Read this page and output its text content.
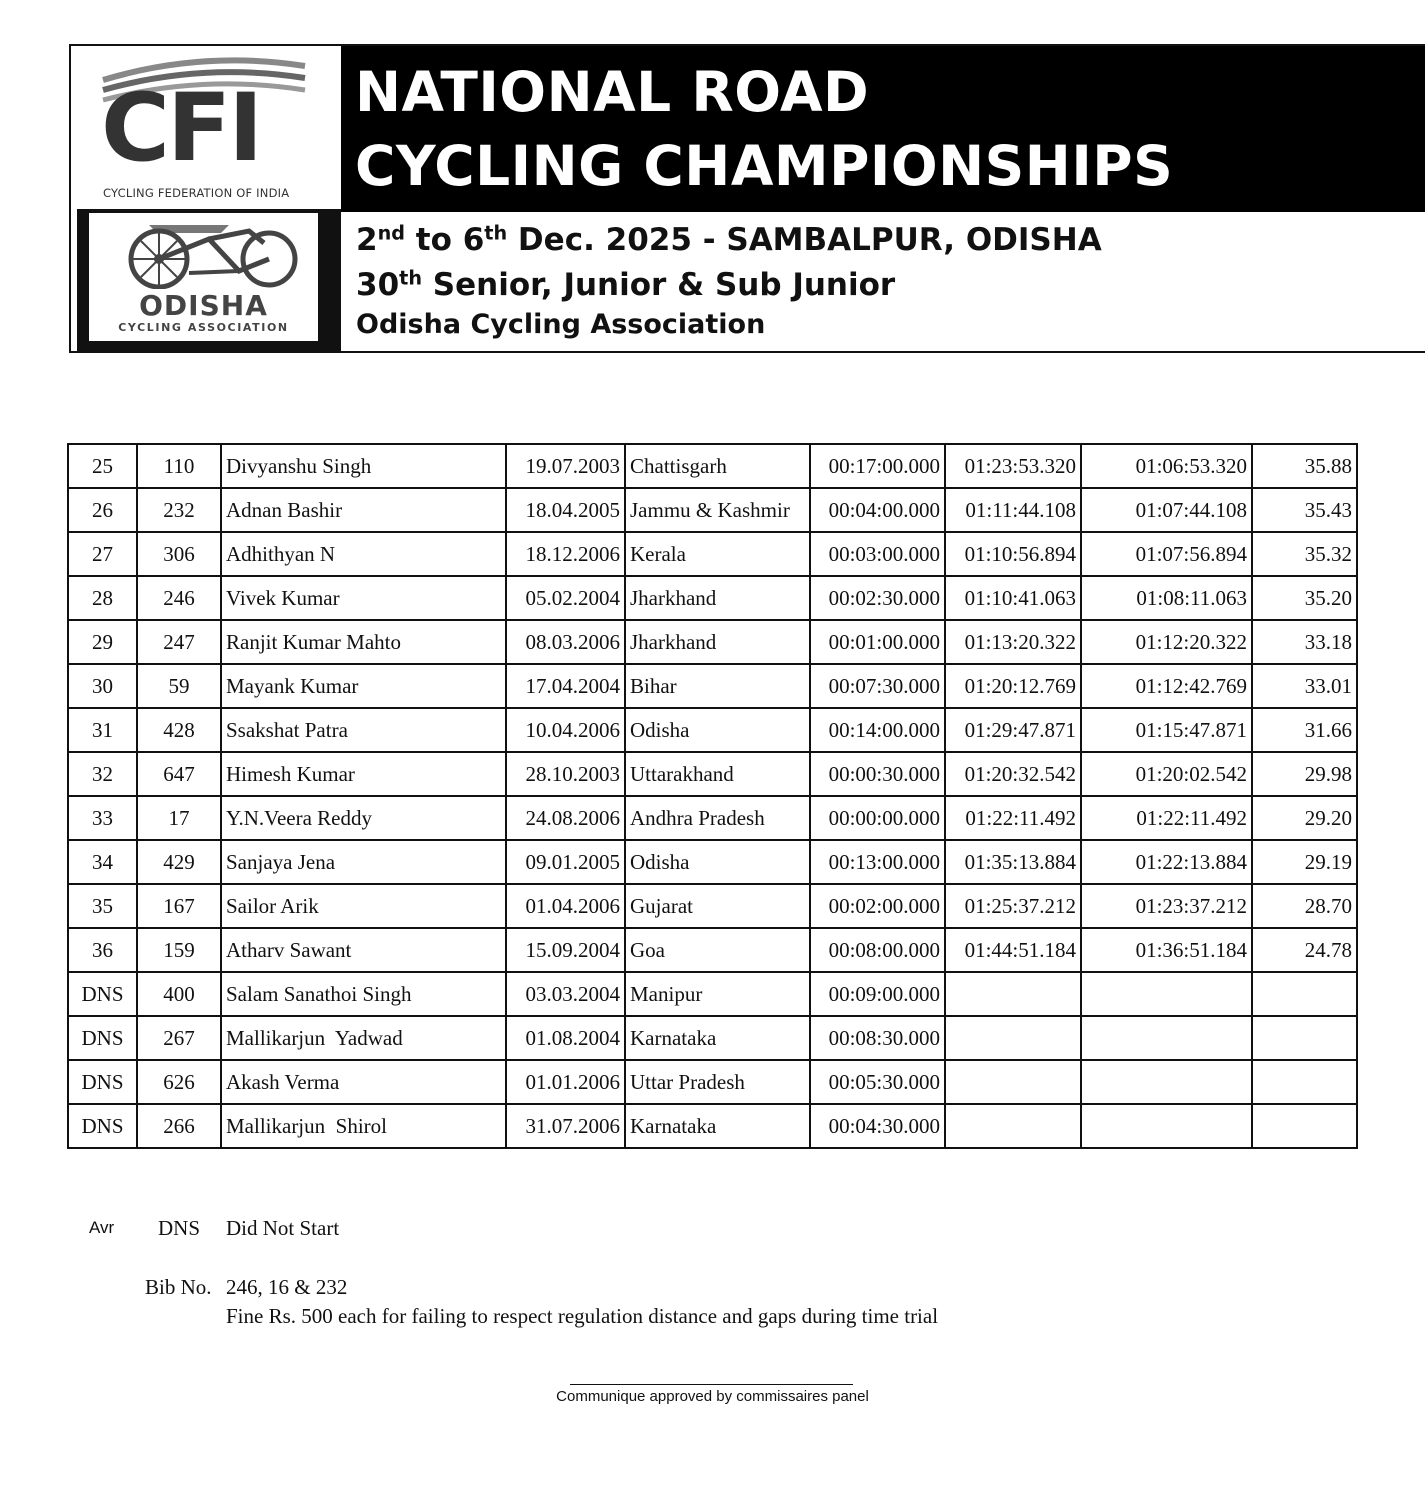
CFI
CYCLING FEDERATION OF INDIA
ODISHA
CYCLING ASSOCIATION
NATIONAL ROAD
CYCLING CHAMPIONSHIPS
2nd to 6th Dec. 2025 - SAMBALPUR, ODISHA
30th Senior, Junior & Sub Junior
Odisha Cycling Association
25	110	Divyanshu Singh	19.07.2003	Chattisgarh	00:17:00.000	01:23:53.320	01:06:53.320	35.88
26	232	Adnan Bashir	18.04.2005	Jammu & Kashmir	00:04:00.000	01:11:44.108	01:07:44.108	35.43
27	306	Adhithyan N	18.12.2006	Kerala	00:03:00.000	01:10:56.894	01:07:56.894	35.32
28	246	Vivek Kumar	05.02.2004	Jharkhand	00:02:30.000	01:10:41.063	01:08:11.063	35.20
29	247	Ranjit Kumar Mahto	08.03.2006	Jharkhand	00:01:00.000	01:13:20.322	01:12:20.322	33.18
30	59	Mayank Kumar	17.04.2004	Bihar	00:07:30.000	01:20:12.769	01:12:42.769	33.01
31	428	Ssakshat Patra	10.04.2006	Odisha	00:14:00.000	01:29:47.871	01:15:47.871	31.66
32	647	Himesh Kumar	28.10.2003	Uttarakhand	00:00:30.000	01:20:32.542	01:20:02.542	29.98
33	17	Y.N.Veera Reddy	24.08.2006	Andhra Pradesh	00:00:00.000	01:22:11.492	01:22:11.492	29.20
34	429	Sanjaya Jena	09.01.2005	Odisha	00:13:00.000	01:35:13.884	01:22:13.884	29.19
35	167	Sailor Arik	01.04.2006	Gujarat	00:02:00.000	01:25:37.212	01:23:37.212	28.70
36	159	Atharv Sawant	15.09.2004	Goa	00:08:00.000	01:44:51.184	01:36:51.184	24.78
DNS	400	Salam Sanathoi Singh	03.03.2004	Manipur	00:09:00.000			
DNS	267	Mallikarjun  Yadwad	01.08.2004	Karnataka	00:08:30.000			
DNS	626	Akash Verma	01.01.2006	Uttar Pradesh	00:05:30.000			
DNS	266	Mallikarjun  Shirol	31.07.2006	Karnataka	00:04:30.000			
Avr DNS Did Not Start
Bib No. 246, 16 & 232
Fine Rs. 500 each for failing to respect regulation distance and gaps during time trial
Communique approved by commissaires panel
